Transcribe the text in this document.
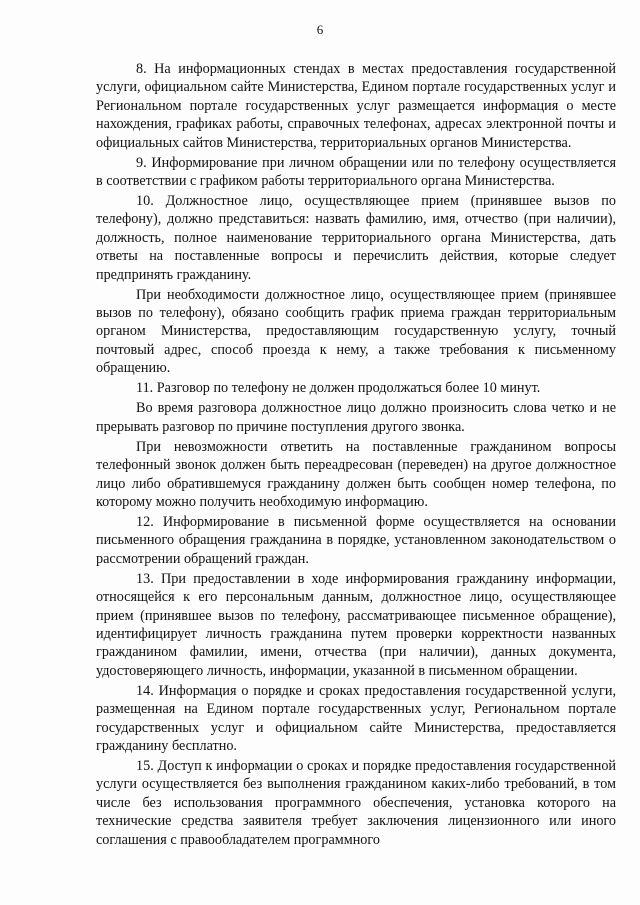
6

8. На информационных стендах в местах предоставления государственной услуги, официальном сайте Министерства, Едином портале государственных услуг и Региональном портале государственных услуг размещается информация о месте нахождения, графиках работы, справочных телефонах, адресах электронной почты и официальных сайтов Министерства, территориальных органов Министерства.

9. Информирование при личном обращении или по телефону осуществляется в соответствии с графиком работы территориального органа Министерства.

10. Должностное лицо, осуществляющее прием (принявшее вызов по телефону), должно представиться: назвать фамилию, имя, отчество (при наличии), должность, полное наименование территориального органа Министерства, дать ответы на поставленные вопросы и перечислить действия, которые следует предпринять гражданину.

При необходимости должностное лицо, осуществляющее прием (принявшее вызов по телефону), обязано сообщить график приема граждан территориальным органом Министерства, предоставляющим государственную услугу, точный почтовый адрес, способ проезда к нему, а также требования к письменному обращению.

11. Разговор по телефону не должен продолжаться более 10 минут.

Во время разговора должностное лицо должно произносить слова четко и не прерывать разговор по причине поступления другого звонка.

При невозможности ответить на поставленные гражданином вопросы телефонный звонок должен быть переадресован (переведен) на другое должностное лицо либо обратившемуся гражданину должен быть сообщен номер телефона, по которому можно получить необходимую информацию.

12. Информирование в письменной форме осуществляется на основании письменного обращения гражданина в порядке, установленном законодательством о рассмотрении обращений граждан.

13. При предоставлении в ходе информирования гражданину информации, относящейся к его персональным данным, должностное лицо, осуществляющее прием (принявшее вызов по телефону, рассматривающее письменное обращение), идентифицирует личность гражданина путем проверки корректности названных гражданином фамилии, имени, отчества (при наличии), данных документа, удостоверяющего личность, информации, указанной в письменном обращении.

14. Информация о порядке и сроках предоставления государственной услуги, размещенная на Едином портале государственных услуг, Региональном портале государственных услуг и официальном сайте Министерства, предоставляется гражданину бесплатно.

15. Доступ к информации о сроках и порядке предоставления государственной услуги осуществляется без выполнения гражданином каких-либо требований, в том числе без использования программного обеспечения, установка которого на технические средства заявителя требует заключения лицензионного или иного соглашения с правообладателем программного
